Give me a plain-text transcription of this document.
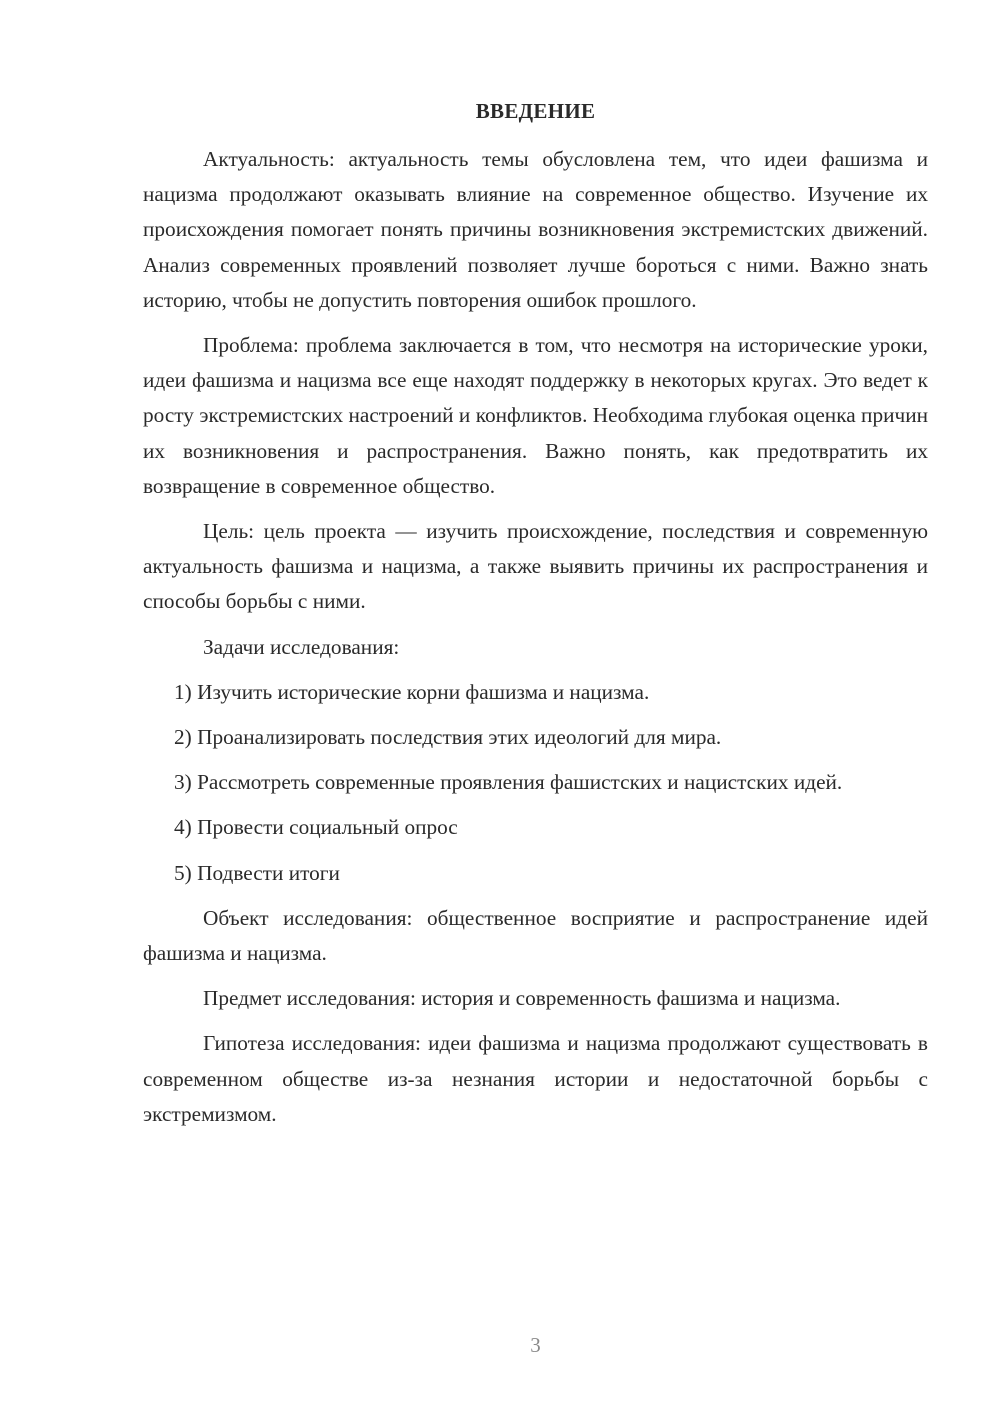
ВВЕДЕНИЕ

Актуальность: актуальность темы обусловлена тем, что идеи фашизма и нацизма продолжают оказывать влияние на современное общество. Изучение их происхождения помогает понять причины возникновения экстремистских движений. Анализ современных проявлений позволяет лучше бороться с ними. Важно знать историю, чтобы не допустить повторения ошибок прошлого.

Проблема: проблема заключается в том, что несмотря на исторические уроки, идеи фашизма и нацизма все еще находят поддержку в некоторых кругах. Это ведет к росту экстремистских настроений и конфликтов. Необходима глубокая оценка причин их возникновения и распространения. Важно понять, как предотвратить их возвращение в современное общество.

Цель: цель проекта — изучить происхождение, последствия и современную актуальность фашизма и нацизма, а также выявить причины их распространения и способы борьбы с ними.

Задачи исследования:

1) Изучить исторические корни фашизма и нацизма.

2) Проанализировать последствия этих идеологий для мира.

3) Рассмотреть современные проявления фашистских и нацистских идей.

4) Провести социальный опрос

5) Подвести итоги

Объект исследования: общественное восприятие и распространение идей фашизма и нацизма.

Предмет исследования: история и современность фашизма и нацизма.

Гипотеза исследования: идеи фашизма и нацизма продолжают существовать в современном обществе из-за незнания истории и недостаточной борьбы с экстремизмом.

3
